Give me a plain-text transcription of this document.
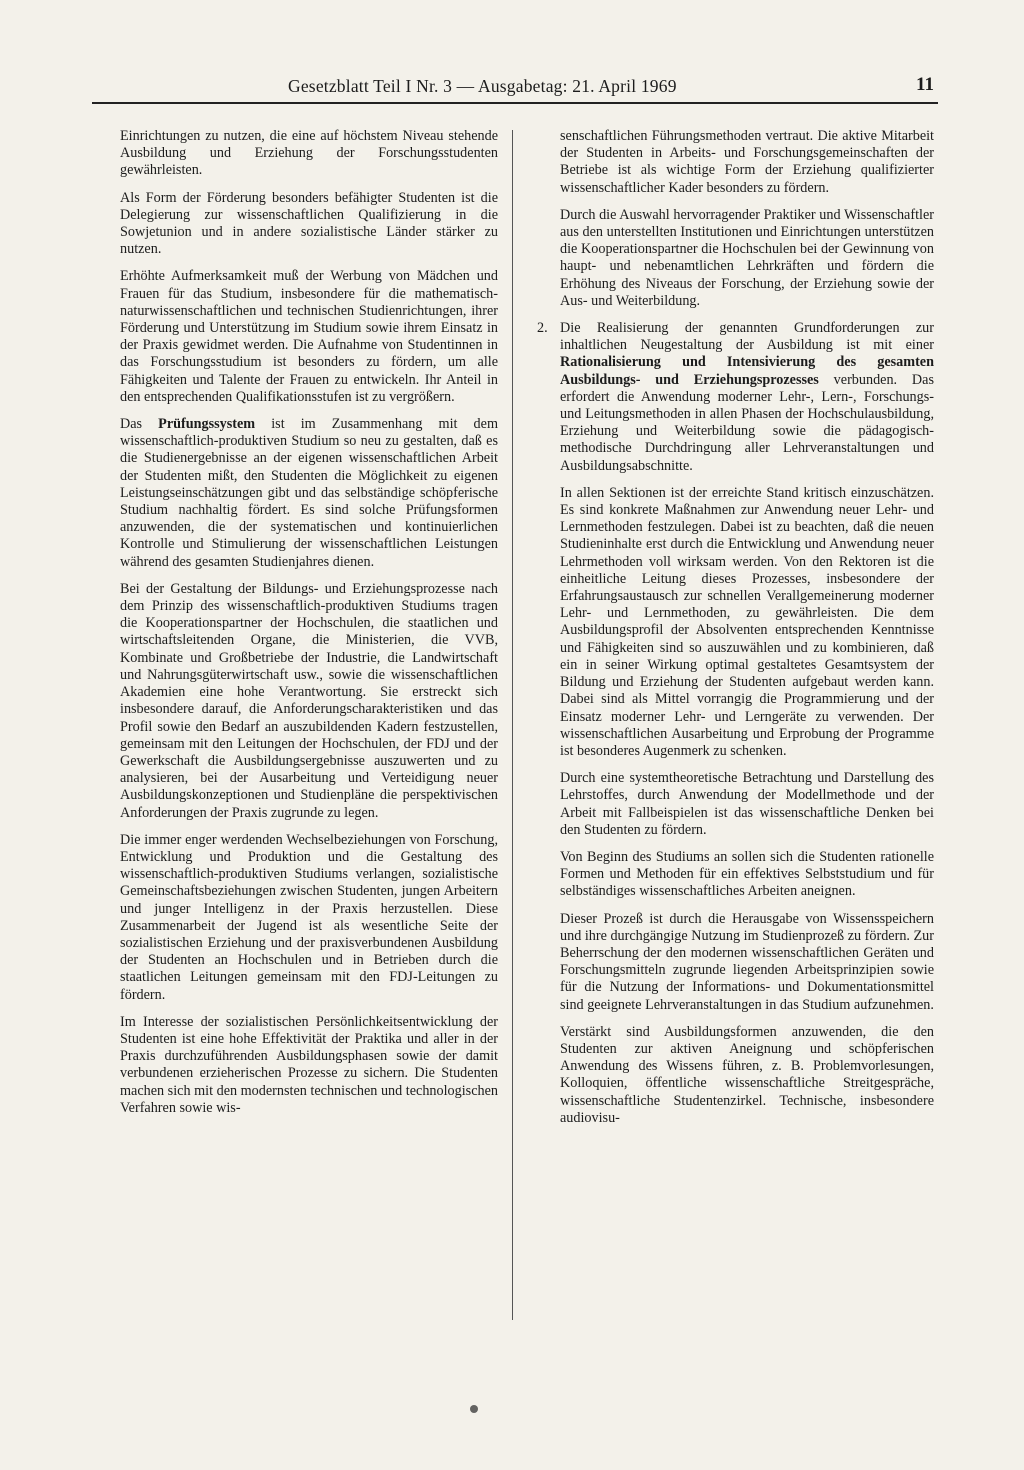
Gesetzblatt Teil I Nr. 3 — Ausgabetag: 21. April 1969	11

Einrichtungen zu nutzen, die eine auf höchstem Niveau stehende Ausbildung und Erziehung der Forschungsstudenten gewährleisten.

Als Form der Förderung besonders befähigter Studenten ist die Delegierung zur wissenschaftlichen Qualifizierung in die Sowjetunion und in andere sozialistische Länder stärker zu nutzen.

Erhöhte Aufmerksamkeit muß der Werbung von Mädchen und Frauen für das Studium, insbesondere für die mathematisch-naturwissenschaftlichen und technischen Studienrichtungen, ihrer Förderung und Unterstützung im Studium sowie ihrem Einsatz in der Praxis gewidmet werden. Die Aufnahme von Studentinnen in das Forschungsstudium ist besonders zu fördern, um alle Fähigkeiten und Talente der Frauen zu entwickeln. Ihr Anteil in den entsprechenden Qualifikationsstufen ist zu vergrößern.

Das Prüfungssystem ist im Zusammenhang mit dem wissenschaftlich-produktiven Studium so neu zu gestalten, daß es die Studienergebnisse an der eigenen wissenschaftlichen Arbeit der Studenten mißt, den Studenten die Möglichkeit zu eigenen Leistungseinschätzungen gibt und das selbständige schöpferische Studium nachhaltig fördert. Es sind solche Prüfungsformen anzuwenden, die der systematischen und kontinuierlichen Kontrolle und Stimulierung der wissenschaftlichen Leistungen während des gesamten Studienjahres dienen.

Bei der Gestaltung der Bildungs- und Erziehungsprozesse nach dem Prinzip des wissenschaftlich-produktiven Studiums tragen die Kooperationspartner der Hochschulen, die staatlichen und wirtschaftsleitenden Organe, die Ministerien, die VVB, Kombinate und Großbetriebe der Industrie, die Landwirtschaft und Nahrungsgüterwirtschaft usw., sowie die wissenschaftlichen Akademien eine hohe Verantwortung. Sie erstreckt sich insbesondere darauf, die Anforderungscharakteristiken und das Profil sowie den Bedarf an auszubildenden Kadern festzustellen, gemeinsam mit den Leitungen der Hochschulen, der FDJ und der Gewerkschaft die Ausbildungsergebnisse auszuwerten und zu analysieren, bei der Ausarbeitung und Verteidigung neuer Ausbildungskonzeptionen und Studienpläne die perspektivischen Anforderungen der Praxis zugrunde zu legen.

Die immer enger werdenden Wechselbeziehungen von Forschung, Entwicklung und Produktion und die Gestaltung des wissenschaftlich-produktiven Studiums verlangen, sozialistische Gemeinschaftsbeziehungen zwischen Studenten, jungen Arbeitern und junger Intelligenz in der Praxis herzustellen. Diese Zusammenarbeit der Jugend ist als wesentliche Seite der sozialistischen Erziehung und der praxisverbundenen Ausbildung der Studenten an Hochschulen und in Betrieben durch die staatlichen Leitungen gemeinsam mit den FDJ-Leitungen zu fördern.

Im Interesse der sozialistischen Persönlichkeitsentwicklung der Studenten ist eine hohe Effektivität der Praktika und aller in der Praxis durchzuführenden Ausbildungsphasen sowie der damit verbundenen erzieherischen Prozesse zu sichern. Die Studenten machen sich mit den modernsten technischen und technologischen Verfahren sowie wis-

senschaftlichen Führungsmethoden vertraut. Die aktive Mitarbeit der Studenten in Arbeits- und Forschungsgemeinschaften der Betriebe ist als wichtige Form der Erziehung qualifizierter wissenschaftlicher Kader besonders zu fördern.

Durch die Auswahl hervorragender Praktiker und Wissenschaftler aus den unterstellten Institutionen und Einrichtungen unterstützen die Kooperationspartner die Hochschulen bei der Gewinnung von haupt- und nebenamtlichen Lehrkräften und fördern die Erhöhung des Niveaus der Forschung, der Erziehung sowie der Aus- und Weiterbildung.

2. Die Realisierung der genannten Grundforderungen zur inhaltlichen Neugestaltung der Ausbildung ist mit einer Rationalisierung und Intensivierung des gesamten Ausbildungs- und Erziehungsprozesses verbunden. Das erfordert die Anwendung moderner Lehr-, Lern-, Forschungs- und Leitungsmethoden in allen Phasen der Hochschulausbildung, Erziehung und Weiterbildung sowie die pädagogisch-methodische Durchdringung aller Lehrveranstaltungen und Ausbildungsabschnitte.

In allen Sektionen ist der erreichte Stand kritisch einzuschätzen. Es sind konkrete Maßnahmen zur Anwendung neuer Lehr- und Lernmethoden festzulegen. Dabei ist zu beachten, daß die neuen Studieninhalte erst durch die Entwicklung und Anwendung neuer Lehrmethoden voll wirksam werden. Von den Rektoren ist die einheitliche Leitung dieses Prozesses, insbesondere der Erfahrungsaustausch zur schnellen Verallgemeinerung moderner Lehr- und Lernmethoden, zu gewährleisten. Die dem Ausbildungsprofil der Absolventen entsprechenden Kenntnisse und Fähigkeiten sind so auszuwählen und zu kombinieren, daß ein in seiner Wirkung optimal gestaltetes Gesamtsystem der Bildung und Erziehung der Studenten aufgebaut werden kann. Dabei sind als Mittel vorrangig die Programmierung und der Einsatz moderner Lehr- und Lerngeräte zu verwenden. Der wissenschaftlichen Ausarbeitung und Erprobung der Programme ist besonderes Augenmerk zu schenken.

Durch eine systemtheoretische Betrachtung und Darstellung des Lehrstoffes, durch Anwendung der Modellmethode und der Arbeit mit Fallbeispielen ist das wissenschaftliche Denken bei den Studenten zu fördern.

Von Beginn des Studiums an sollen sich die Studenten rationelle Formen und Methoden für ein effektives Selbststudium und für selbständiges wissenschaftliches Arbeiten aneignen.

Dieser Prozeß ist durch die Herausgabe von Wissensspeichern und ihre durchgängige Nutzung im Studienprozeß zu fördern. Zur Beherrschung der den modernen wissenschaftlichen Geräten und Forschungsmitteln zugrunde liegenden Arbeitsprinzipien sowie für die Nutzung der Informations- und Dokumentationsmittel sind geeignete Lehrveranstaltungen in das Studium aufzunehmen.

Verstärkt sind Ausbildungsformen anzuwenden, die den Studenten zur aktiven Aneignung und schöpferischen Anwendung des Wissens führen, z. B. Problemvorlesungen, Kolloquien, öffentliche wissenschaftliche Streitgespräche, wissenschaftliche Studentenzirkel. Technische, insbesondere audiovisu-
